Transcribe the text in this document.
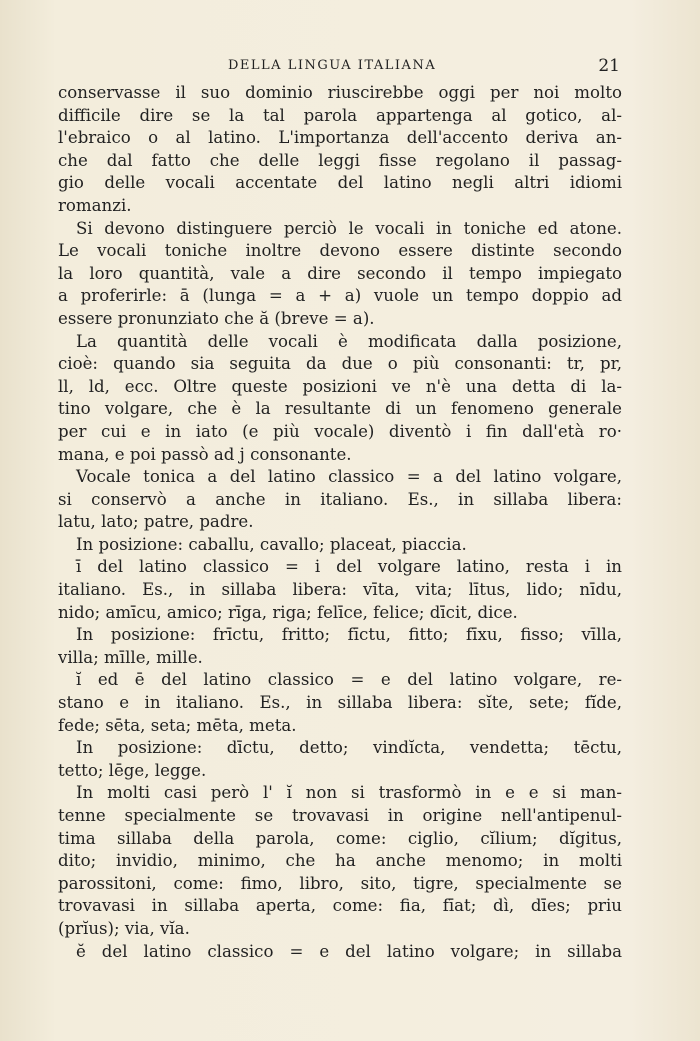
DELLA LINGUA ITALIANA	21
conservasse il suo dominio riuscirebbe oggi per noi molto
difficile dire se la tal parola appartenga al gotico, al-
l'ebraico o al latino. L'importanza dell'accento deriva an-
che dal fatto che delle leggi fisse regolano il passag-
gio delle vocali accentate del latino negli altri idiomi
romanzi.
Si devono distinguere perciò le vocali in toniche ed atone.
Le vocali toniche inoltre devono essere distinte secondo
la loro quantità, vale a dire secondo il tempo impiegato
a proferirle: ā (lunga = a + a) vuole un tempo doppio ad
essere pronunziato che ă (breve = a).
La quantità delle vocali è modificata dalla posizione,
cioè: quando sia seguita da due o più consonanti: tr, pr,
ll, ld, ecc. Oltre queste posizioni ve n'è una detta di la-
tino volgare, che è la resultante di un fenomeno generale
per cui e in iato (e più vocale) diventò i fin dall'età ro·
mana, e poi passò ad j consonante.
Vocale tonica a del latino classico = a del latino volgare,
si conservò a anche in italiano. Es., in sillaba libera:
latu, lato; patre, padre.
In posizione: caballu, cavallo; placeat, piaccia.
ī del latino classico = i del volgare latino, resta i in
italiano. Es., in sillaba libera: vīta, vita; lītus, lido; nīdu,
nido; amīcu, amico; rīga, riga; felīce, felice; dīcit, dice.
In posizione: frīctu, fritto; fīctu, fitto; fīxu, fisso; vīlla,
villa; mīlle, mille.
ĭ ed ē del latino classico = e del latino volgare, re-
stano e in italiano. Es., in sillaba libera: sĭte, sete; fĭde,
fede; sēta, seta; mēta, meta.
In posizione: dīctu, detto; vindĭcta, vendetta; tēctu,
tetto; lēge, legge.
In molti casi però l' ĭ non si trasformò in e e si man-
tenne specialmente se trovavasi in origine nell'antipenul-
tima sillaba della parola, come: ciglio, cĭlium; dĭgitus,
dito; invidio, minimo, che ha anche menomo; in molti
parossitoni, come: fimo, libro, sito, tigre, specialmente se
trovavasi in sillaba aperta, come: fia, fīat; dì, dīes; priu
(prĭus); via, vĭa.
ĕ del latino classico = e del latino volgare; in sillaba
